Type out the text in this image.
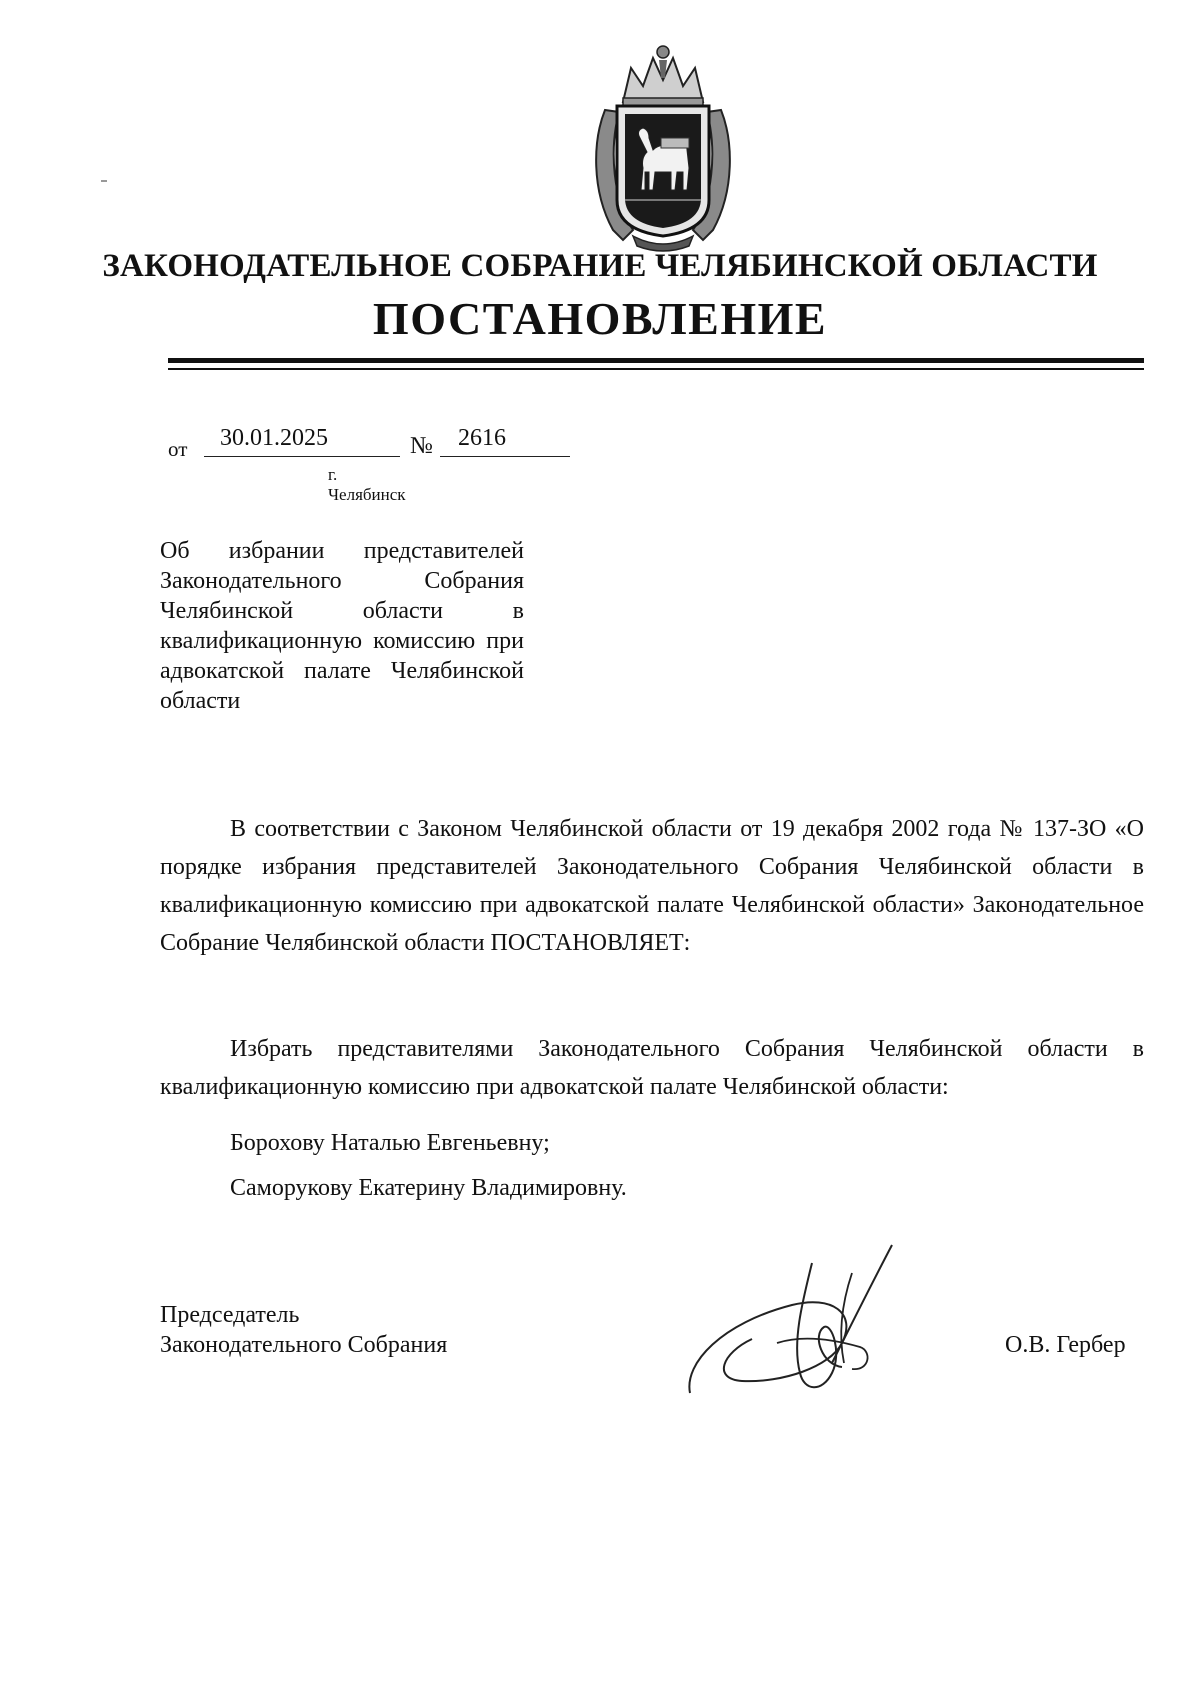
ЗАКОНОДАТЕЛЬНОЕ СОБРАНИЕ ЧЕЛЯБИНСКОЙ ОБЛАСТИ
ПОСТАНОВЛЕНИЕ
от	30.01.2025	№	2616
г. Челябинск
Об избрании представителей Законодательного Собрания Челябинской области в квалификационную комиссию при адвокатской палате Челябинской области
В соответствии с Законом Челябинской области от 19 декабря 2002 года № 137-ЗО «О порядке избрания представителей Законодательного Собрания Челябинской области в квалификационную комиссию при адвокатской палате Челябинской области» Законодательное Собрание Челябинской области ПОСТАНОВЛЯЕТ:
Избрать представителями Законодательного Собрания Челябинской области в квалификационную комиссию при адвокатской палате Челябинской области:
Борохову Наталью Евгеньевну;
Саморукову Екатерину Владимировну.
Председатель
Законодательного Собрания	О.В. Гербер
